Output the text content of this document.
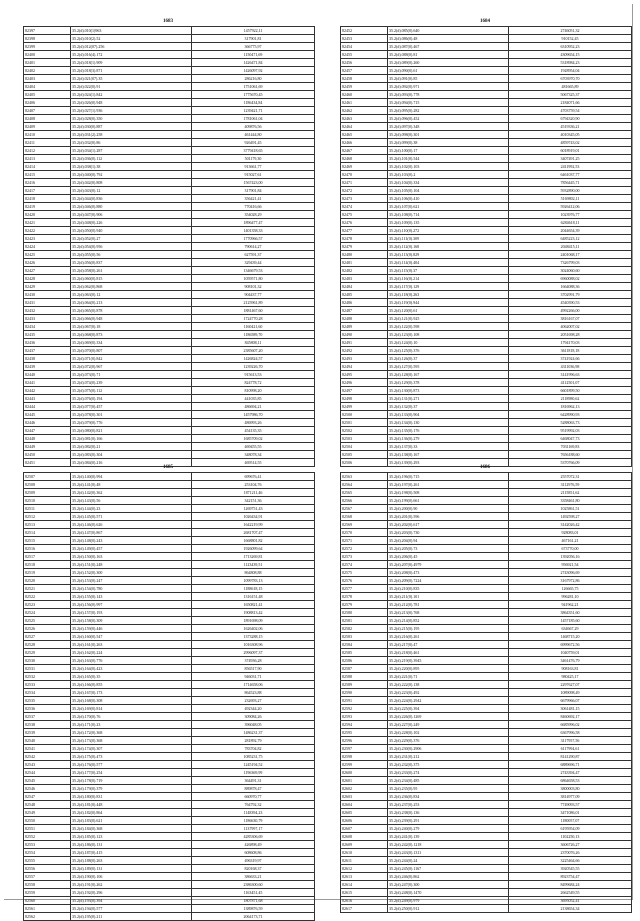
1683
82397	35.2(d).010(1)963	1457922,11
82398	35.2(d).010(2).52	317901,81
82399	35.2(d).012(07).256	366775,97
82400	35.2(d).016(4).172	1150471,69
82401	35.2(d).018(1).909	1426471,84
82402	35.2(d).018(3).871	1426097,92
82403	35.2(d).021(07).35	286216,80
82404	35.2(d).022(0).91	1751061,69
82405	35.2(d).024(1).842	1775670,45
82406	35.2(d).026(0).948	1186434,84
82407	35.2(d).027(1).936	1239421,71
82408	35.2(d).028(0).350	1781061,04
82409	35.2(d).030(0).887	409876,56
82410	35.2(d).031(2).258	461444,80
82411	35.2(d).032(0).86	926491,45
82412	35.2(d).034(1).287	3779418,65
82413	35.2(d).036(0).112	501179,30
82414	35.2(d).038(1).38	913661,77
82415	35.2(d).040(0).792	915027,61
82416	35.2(d).042(0).808	1567423,00
82417	35.2(d).043(0).12	317901,84
82418	35.2(d).044(0).836	356421,41
82419	35.2(d).046(0).880	770416,66
82420	35.2(d).047(0).906	354028,29
82421	35.2(d).048(0).226	1896477,47
82422	35.2(d).050(0).940	1401358,33
82423	35.2(d).052(0).27	1770966,57
82424	35.2(d).054(0).956	790614,27
82425	35.2(d).055(0).56	627591,37
82426	35.2(d).056(0).837	329439,44
82427	35.2(d).058(0).261	1346679,53
82428	35.2(d).060(0).815	1059571,80
82429	35.2(d).062(0).868	908101,32
82430	35.2(d).063(0).12	904437,77
82431	35.2(d).064(0).213	2125961,89
82432	35.2(d).065(0).878	1881467,60
82433	35.2(d).066(0).948	1724770,28
82434	35.2(d).067(0).18	1160421,60
82435	35.2(d).068(0).873	1186589,70
82436	35.2(d).069(0).334	845808,11
82437	35.2(d).070(0).807	2385607,20
82438	35.2(d).071(0).842	1426824,57
82439	35.2(d).072(0).967	1239226,70
82440	35.2(d).073(0).71	915613,53
82441	35.2(d).074(0).239	824778,72
82442	35.2(d).075(0).112	810998,20
82443	35.2(d).076(0).194	441035,85
82444	35.2(d).077(0).457	486694,21
82445	35.2(d).078(0).301	1457986,70
82446	35.2(d).079(0).776	486993,26
82447	35.2(d).080(0).821	454135,35
82448	35.2(d).081(0).166	1685709,02
82449	35.2(d).082(0).21	469455,55
82450	35.2(d).083(0).304	348078,34
82451	35.2(d).084(0).216	469514,55
1684
82452	35.2(d).085(0).640	2746051,32
82453	35.2(d).086(0).48	910152,45
82454	35.2(d).087(0).467	6310952,23
82455	35.2(d).088(0).81	4309654,15
82456	35.2(d).089(0).260	5318984,23
82457	35.2(d).090(0).61	1928954,04
82458	35.2(d).091(0).85	6703970,70
82459	35.2(d).092(0).971	481665,89
82460	35.2(d).093(0).778	5067325,37
82461	35.2(d).094(0).715	2184071,66
82462	35.2(d).095(0).282	4703759,54
82463	35.2(d).096(0).452	6794320,90
82464	35.2(d).097(0).348	4519336,21
82465	35.2(d).098(0).301	4010345,05
82466	35.2(d).099(0).38	4859743,02
82467	35.2(d).100(0).17	6018919,01
82468	35.2(d).101(0).544	3407491,25
82469	35.2(d).102(0).103	2411992,53
82470	35.2(d).103(0).2	6461037,77
82471	35.2(d).104(0).334	7856445,71
82472	35.2(d).105(0).104	5932890,00
82473	35.2(d).106(0).410	5169802,11
82474	35.2(d).107(0).621	5926412,06
82475	35.2(d).108(0).714	1023976,77
82476	35.2(d).109(0).135	6284618,11
82477	35.2(d).110(0).272	2044654,39
82478	35.2(d).111(0).309	6485223,12
82479	35.2(d).112(0).168	2048415,11
82480	35.2(d).113(0).829	2401068,17
82481	35.2(d).114(0).404	7326799,03
82482	35.2(d).115(0).37	3024060,60
82483	35.2(d).116(0).214	6960088,02
82484	35.2(d).117(0).129	1664088,36
82485	35.2(d).118(0).263	3702991,79
82486	35.2(d).119(0).944	4540390,53
82487	35.2(d).120(0).61	4992266,00
82488	35.2(d).121(0).925	3816167,07
82489	35.2(d).122(0).598	4062007,02
82490	35.2(d).123(0).108	2051698,28
82491	35.2(d).124(0).10	1794170,03
82492	35.2(d).125(0).376	3611818,18
82493	35.2(d).126(0).37	3741924,66
82494	35.2(d).127(0).595	4311036,98
82495	35.2(d).128(0).167	3141996,63
82496	35.2(d).129(0).378	4112501,07
82497	35.2(d).130(0).873	6601899,50
82498	35.2(d).131(0).271	2118980,62
82499	35.2(d).132(0).37	1816962,13
82500	35.2(d).133(0).904	6428990,93
82501	35.2(d).134(0).130	5288063,73
82502	35.2(d).135(0).176	9519992,03
82503	35.2(d).136(0).279	6468047,73
82504	35.2(d).137(0).33	7031169,83
82505	35.2(d).138(0).167	7656188,60
82506	35.2(d).139(0).293	5370766,09
1685
82507	35.2(d).140(0).994	699676,41
82508	35.2(d).141(0).48	253104,76
82509	35.2(d).142(0).362	1871211,46
82510	35.2(d).143(0).56	342151,36
82511	35.2(d).144(0).23	1269751,43
82512	35.2(d).145(0).571	1026434,91
82513	35.2(d).146(0).626	1642219,99
82514	35.2(d).147(0).867	2681707,47
82515	35.2(d).148(0).243	1668801,82
82516	35.2(d).149(0).457	1926099,64
82517	35.2(d).150(0).163	1713269,81
82518	35.2(d).151(0).248	1123439,51
82519	35.2(d).152(0).300	864808,88
82520	35.2(d).153(0).247	1099783,13
82521	35.2(d).154(0).780	1188618,15
82522	35.2(d).155(0).143	1316151,48
82523	35.2(d).156(0).997	1650821,41
82524	35.2(d).157(0).193	1908813,42
82525	35.2(d).158(0).309	1891698,09
82526	35.2(d).159(0).446	1626402,06
82527	35.2(d).160(0).547	1373288,15
82528	35.2(d).161(0).263	1016308,96
82529	35.2(d).162(0).224	2996097,37
82530	35.2(d).163(0).776	374936,28
82531	35.2(d).164(0).423	856517,90
82532	35.2(d).165(0).35	946031,71
82533	35.2(d).166(0).855	1714658,06
82534	35.2(d).167(0).173	864523,88
82535	35.2(d).168(0).308	232693,27
82536	35.2(d).169(0).814	492344,20
82537	35.2(d).170(0).76	309084,26
82538	35.2(d).171(0).23	396048,05
82539	35.2(d).172(0).368	1486231,37
82540	35.2(d).173(0).368	281892,79
82541	35.2(d).174(0).307	783704,82
82542	35.2(d).175(0).473	1085231,75
82543	35.2(d).176(0).577	1245194,52
82544	35.2(d).177(0).254	1196369,99
82545	35.2(d).178(0).719	364491,31
82546	35.2(d).179(0).379	889878,47
82547	35.2(d).180(0).831	660970,77
82548	35.2(d).181(0).448	764792,32
82549	35.2(d).182(0).864	1148394,23
82550	35.2(d).183(0).621	1186630,79
82551	35.2(d).184(0).368	1137997,17
82552	35.2(d).185(0).123	4285306,69
82553	35.2(d).186(0).131	426898,49
82554	35.2(d).187(0).415	608608,86
82555	35.2(d).188(0).263	496319,97
82556	35.2(d).189(0).131	820168,37
82557	35.2(d).190(0).106	386633,21
82558	35.2(d).191(0).262	2386300,60
82559	35.2(d).192(0).296	1163451,45
82560	35.2(d).193(0).394	1807871,68
82561	35.2(d).194(0).577	1389876,59
82562	35.2(d).195(0).211	2064173,71
1686
82563	35.2(d).196(0).715	2557072,31
82564	35.2(d).197(0).261	3112976,59
82565	35.2(d).198(0).508	2115851,62
82566	35.2(d).199(0).661	3358461,80
82567	35.2(d).200(0).90	1025861,51
82568	35.2(d).201(0).596	1492598,27
82569	35.2(d).202(0).617	3142026,42
82570	35.2(d).203(0).730	928083,01
82571	35.2(d).204(0).94	467161,21
82572	35.2(d).205(0).73	673770,00
82573	35.2(d).206(0).45	1392056,16
82574	35.2(d).207(0).4979	956921,54
82575	35.2(d).208(0).473	2743096,69
82576	35.2(d).209(0).7224	3167972,86
82577	35.2(d).210(0).835	126665,75
82578	35.2(d).211(0).101	996281,10
82579	35.2(d).212(0).781	941962,21
82580	35.2(d).213(0).768	3864351,60
82581	35.2(d).214(0).852	1457185,60
82582	35.2(d).215(0).195	634667,29
82583	35.2(d).216(0).261	1468715,20
82584	35.2(d).217(0).47	6999672,56
82585	35.2(d).218(0).461	1040759,01
82586	35.2(d).219(0).3945	3461476,79
82587	35.2(d).220(0).895	908163,81
82588	35.2(d).221(0).71	980425,17
82589	35.2(d).222(0).138	2297627,07
82590	35.2(d).223(0).492	1089098,49
82591	35.2(d).224(0).2942	6679966,07
82592	35.2(d).225(0).394	3061481,15
82593	35.2(d).226(0).1269	8460692,17
82594	35.2(d).227(0).249	6685996,02
82595	35.2(d).228(0).102	6367996,58
82596	35.2(d).229(0).376	3117957,56
82597	35.2(d).230(0).2906	6117994,61
82598	35.2(d).231(0).212	8141290,87
82599	35.2(d).232(0).375	6889696,71
82600	35.2(d).233(0).274	2743394,47
82601	35.2(d).234(0).485	6864658,53
82602	35.2(d).235(0).95	3800003,80
82603	35.2(d).236(0).834	3814977,09
82604	35.2(d).237(0).253	7749093,57
82605	35.2(d).238(0).136	3471086,01
82606	35.2(d).239(0).291	1180057,07
82607	35.2(d).240(0).279	6195954,09
82608	35.2(d).241(0).139	1102250,13
82609	35.2(d).242(0).1218	3606726,27
82610	35.2(d).243(0).1311	2370076,26
82611	35.2(d).244(0).24	3225464,66
82612	35.2(d).245(0).1167	3920545,55
82613	35.2(d).246(0).862	8923754,47
82614	35.2(d).247(0).300	8499684,24
82615	35.2(d).248(0).1470	2662549,55
82616	35.2(d).249(0).979	3695052,41
82617	35.2(d).250(0).912	2138654,34
